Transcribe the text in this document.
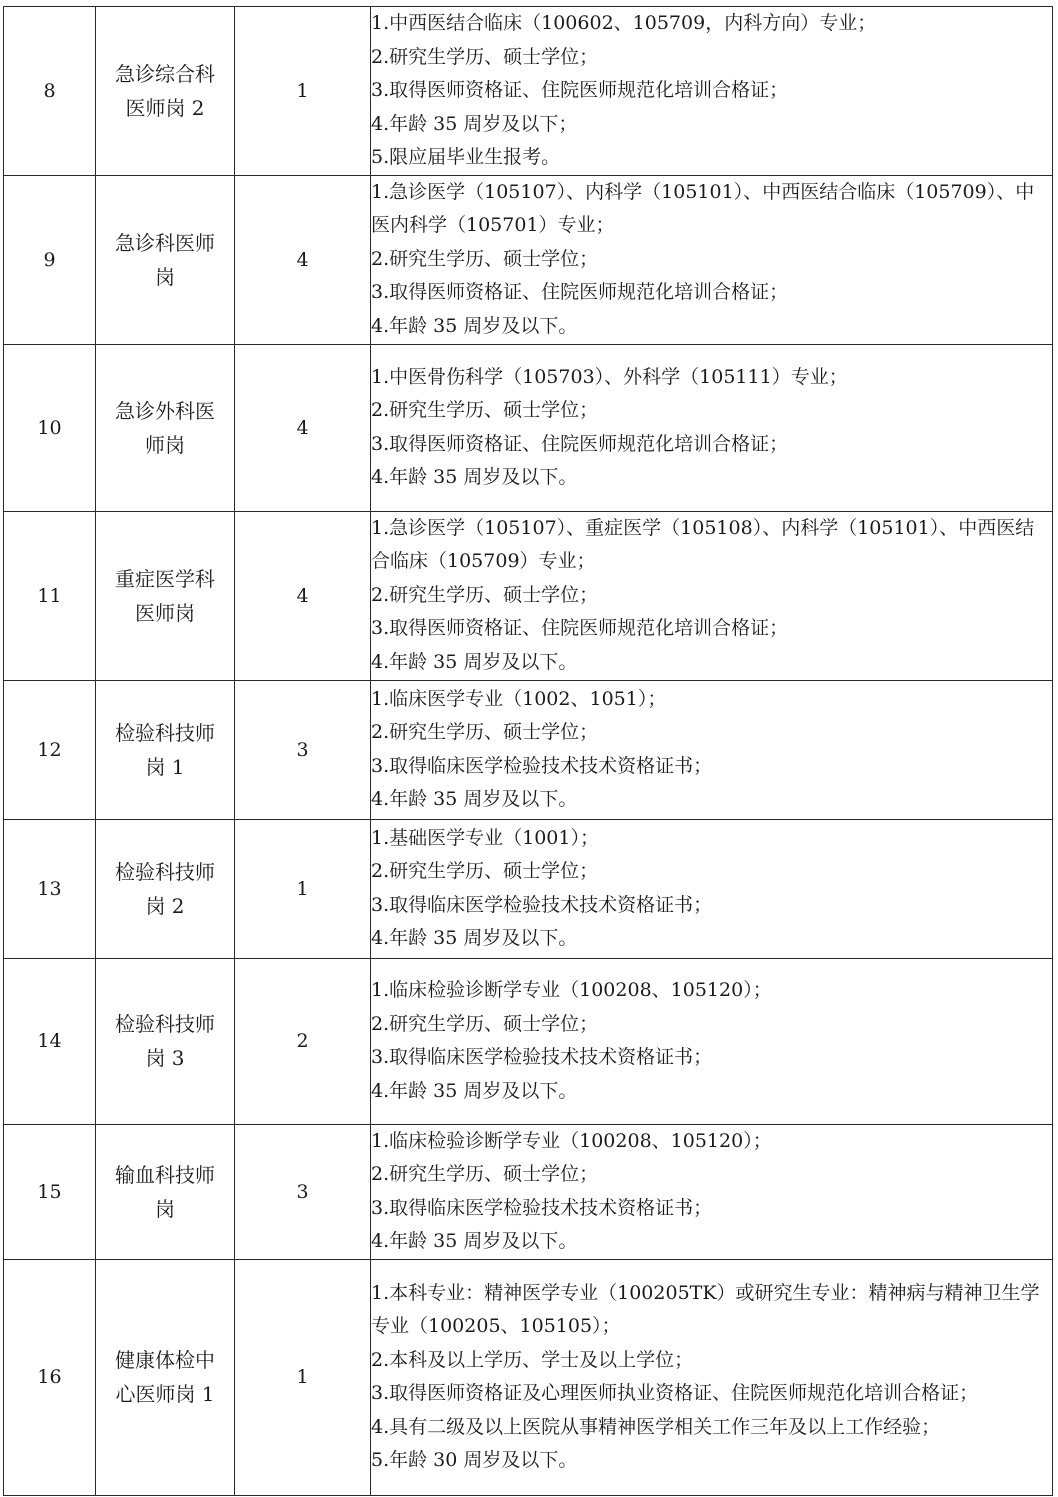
8	急诊综合科医师岗 2	1	1.中西医结合临床（100602、105709，内科方向）专业；
2.研究生学历、硕士学位；
3.取得医师资格证、住院医师规范化培训合格证；
4.年龄 35 周岁及以下；
5.限应届毕业生报考。

9	急诊科医师岗	4	1.急诊医学（105107）、内科学（105101）、中西医结合临床（105709）、中医内科学（105701）专业；
2.研究生学历、硕士学位；
3.取得医师资格证、住院医师规范化培训合格证；
4.年龄 35 周岁及以下。

10	急诊外科医师岗	4	1.中医骨伤科学（105703）、外科学（105111）专业；
2.研究生学历、硕士学位；
3.取得医师资格证、住院医师规范化培训合格证；
4.年龄 35 周岁及以下。

11	重症医学科医师岗	4	1.急诊医学（105107）、重症医学（105108）、内科学（105101）、中西医结合临床（105709）专业；
2.研究生学历、硕士学位；
3.取得医师资格证、住院医师规范化培训合格证；
4.年龄 35 周岁及以下。

12	检验科技师岗 1	3	1.临床医学专业（1002、1051）；
2.研究生学历、硕士学位；
3.取得临床医学检验技术技术资格证书；
4.年龄 35 周岁及以下。

13	检验科技师岗 2	1	1.基础医学专业（1001）；
2.研究生学历、硕士学位；
3.取得临床医学检验技术技术资格证书；
4.年龄 35 周岁及以下。

14	检验科技师岗 3	2	1.临床检验诊断学专业（100208、105120）；
2.研究生学历、硕士学位；
3.取得临床医学检验技术技术资格证书；
4.年龄 35 周岁及以下。

15	输血科技师岗	3	1.临床检验诊断学专业（100208、105120）；
2.研究生学历、硕士学位；
3.取得临床医学检验技术技术资格证书；
4.年龄 35 周岁及以下。

16	健康体检中心医师岗 1	1	1.本科专业：精神医学专业（100205TK）或研究生专业：精神病与精神卫生学专业（100205、105105）；
2.本科及以上学历、学士及以上学位；
3.取得医师资格证及心理医师执业资格证、住院医师规范化培训合格证；
4.具有二级及以上医院从事精神医学相关工作三年及以上工作经验；
5.年龄 30 周岁及以下。
